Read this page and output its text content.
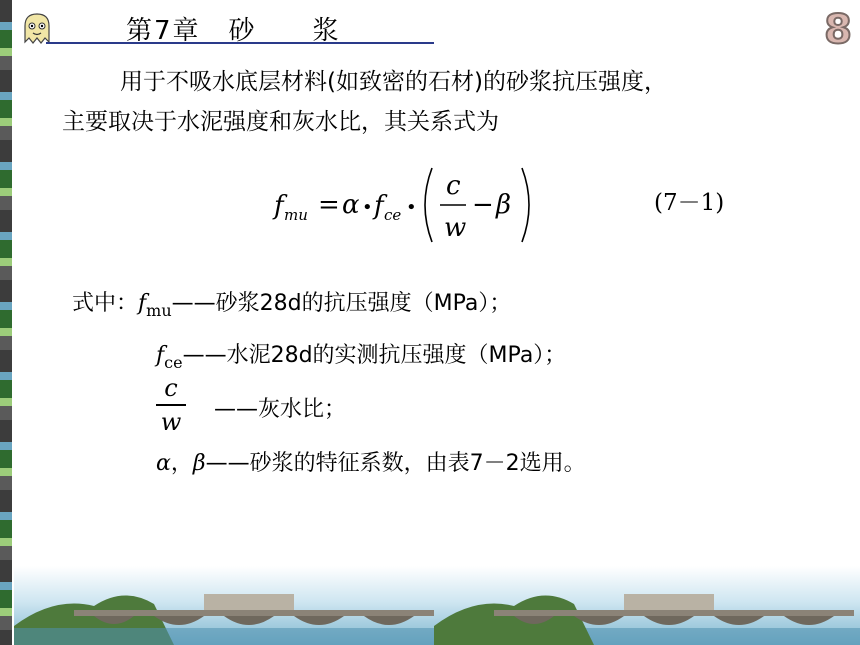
第7章　砂　　浆	8
用于不吸水底层材料(如致密的石材)的砂浆抗压强度，
主要取决于水泥强度和灰水比，其关系式为
f mu = α • f ce •
c
w
− β	(7－1)
式中：$f_{mu}——$砂浆28d的抗压强度（MPa）；
$f_{ce}——$水泥28d的实测抗压强度（MPa）；
c
w ——灰水比；
α，β——砂浆的特征系数，由表7－2选用。
